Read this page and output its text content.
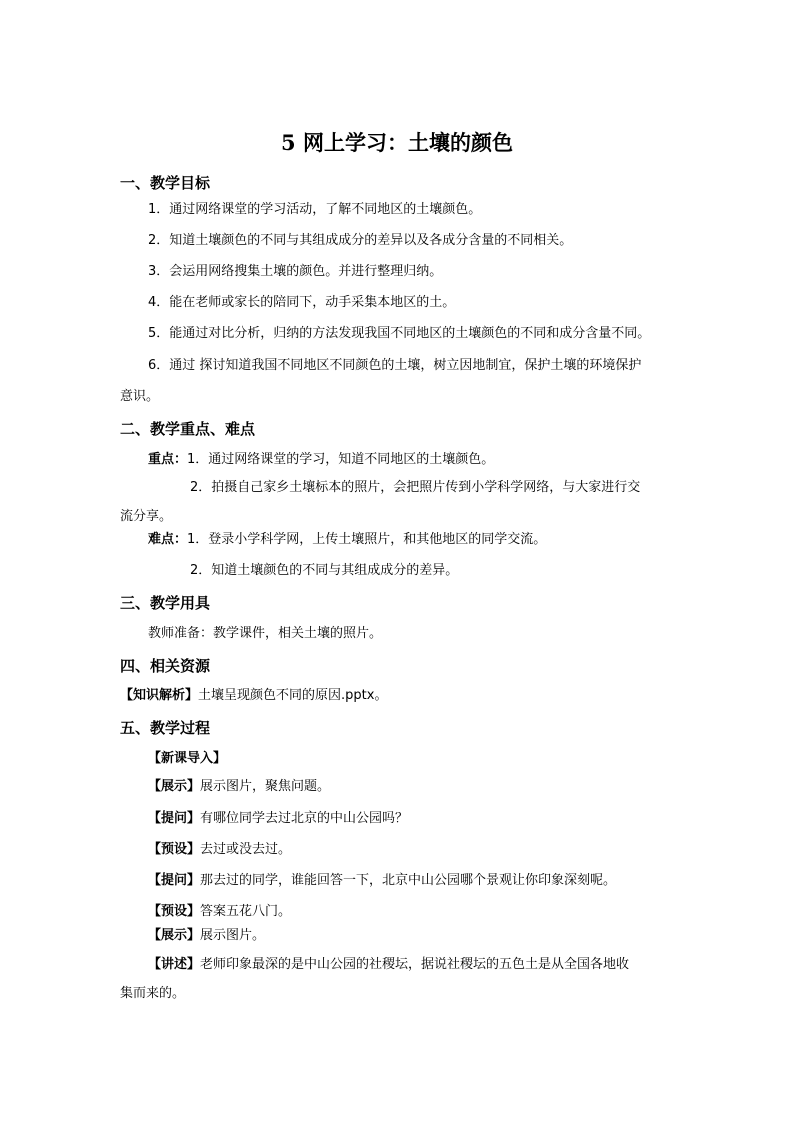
5 网上学习：土壤的颜色
一、教学目标
1．通过网络课堂的学习活动，了解不同地区的土壤颜色。
2．知道土壤颜色的不同与其组成成分的差异以及各成分含量的不同相关。
3．会运用网络搜集土壤的颜色。并进行整理归纳。
4．能在老师或家长的陪同下，动手采集本地区的土。
5．能通过对比分析，归纳的方法发现我国不同地区的土壤颜色的不同和成分含量不同。
6．通过 探讨知道我国不同地区不同颜色的土壤，树立因地制宜，保护土壤的环境保护
意识。
二、教学重点、难点
重点：1．通过网络课堂的学习，知道不同地区的土壤颜色。
2．拍摄自己家乡土壤标本的照片，会把照片传到小学科学网络，与大家进行交
流分享。
难点：1．登录小学科学网，上传土壤照片，和其他地区的同学交流。
2．知道土壤颜色的不同与其组成成分的差异。
三、教学用具
教师准备：教学课件，相关土壤的照片。
四、相关资源
【知识解析】土壤呈现颜色不同的原因.pptx。
五、教学过程
【新课导入】
【展示】展示图片，聚焦问题。
【提问】有哪位同学去过北京的中山公园吗？
【预设】去过或没去过。
【提问】那去过的同学，谁能回答一下，北京中山公园哪个景观让你印象深刻呢。
【预设】答案五花八门。
【展示】展示图片。
【讲述】老师印象最深的是中山公园的社稷坛，据说社稷坛的五色土是从全国各地收
集而来的。
